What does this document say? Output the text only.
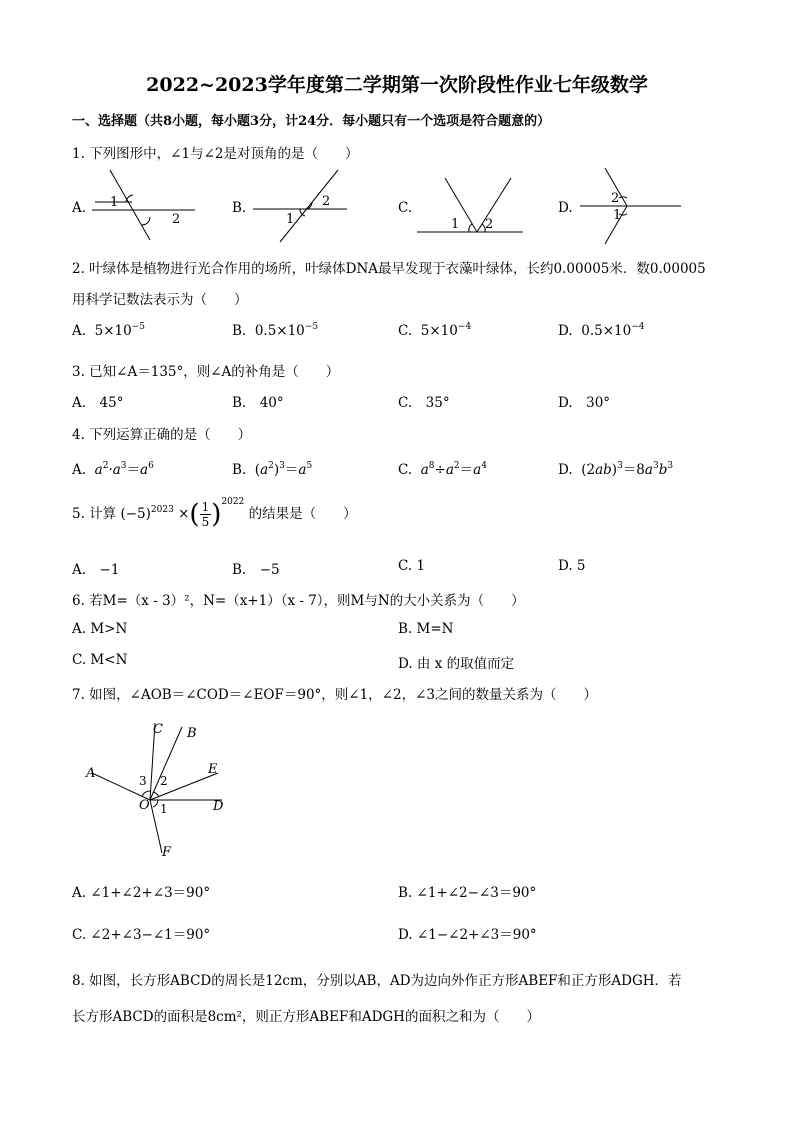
2022~2023学年度第二学期第一次阶段性作业七年级数学
一、选择题（共8小题，每小题3分，计24分．每小题只有一个选项是符合题意的）
1. 下列图形中，∠1与∠2是对顶角的是（　　）
A. 1
2
B.	2
1
C.
1 2
D.
2
1
2. 叶绿体是植物进行光合作用的场所，叶绿体DNA最早发现于衣藻叶绿体，长约0.00005米．数0.00005
用科学记数法表示为（　　）
A. $5\times 10^{-5}$	B. $0.5\times 10^{-5}$	C. $5\times 10^{-4}$	D. $0.5\times 10^{-4}$
3. 已知∠A＝135°，则∠A的补角是（　　）
A.　45°	B.　40°	C.　35°	D.　30°
4. 下列运算正确的是（　　）
A. $a^2\cdot a^3=a^6$	B.  $(a^2)^3=a^5$	C. $a^8\div a^2=a^4$	D.  $(2ab)^3=8a^3b^3$
5. 计算 $(-5)^{2023}$ ×( $\frac{1}{5} )^{2022}$ 的结果是（　　）
A.　−1	B.　−5	C. 1	D. 5
6. 若M=（x - 3）²，N=（x+1）（x - 7），则M与N的大小关系为（　　）
A. M>N	B. M=N
C. M<N	D. 由 x 的取值而定
7. 如图，∠AOB＝∠COD＝∠EOF＝90°，则∠1，∠2，∠3之间的数量关系为（　　）
C B
A	E
O	D
F
1
2
3
A. ∠1+∠2+∠3＝90°	B. ∠1+∠2−∠3＝90°
C. ∠2+∠3−∠1＝90°	D. ∠1−∠2+∠3＝90°
8. 如图，长方形ABCD的周长是12cm，分别以AB，AD为边向外作正方形ABEF和正方形ADGH．若
长方形ABCD的面积是8cm²，则正方形ABEF和ADGH的面积之和为（　　）
